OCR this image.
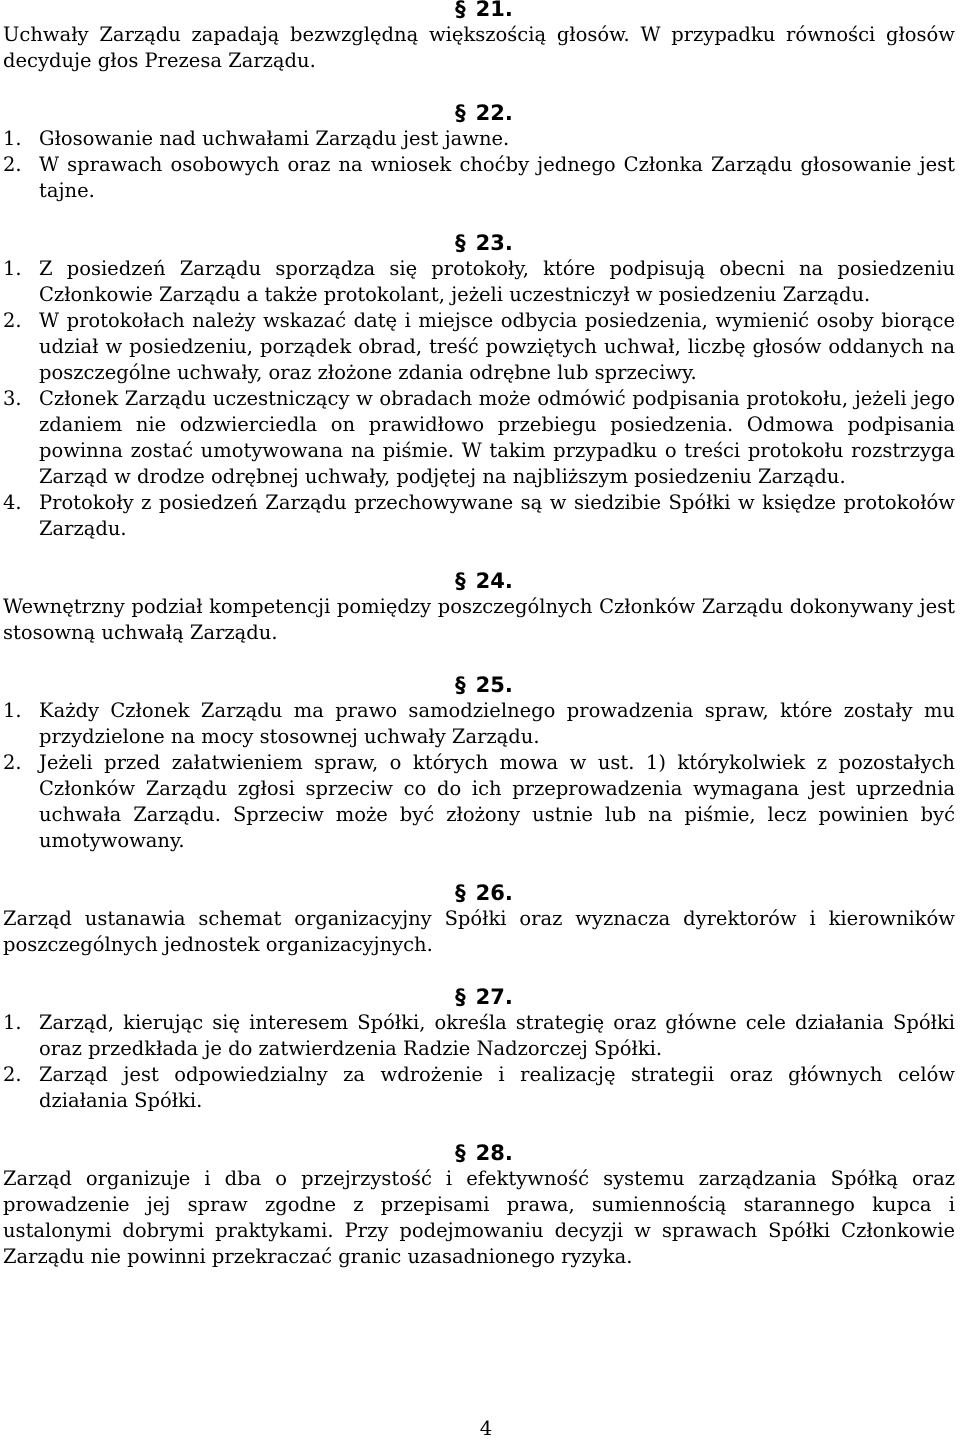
§ 21.

Uchwały Zarządu zapadają bezwzględną większością głosów. W przypadku równości głosów decyduje głos Prezesa Zarządu.

§ 22.
1. Głosowanie nad uchwałami Zarządu jest jawne.
2. W sprawach osobowych oraz na wniosek choćby jednego Członka Zarządu głosowanie jest tajne.
§ 23.
1. Z posiedzeń Zarządu sporządza się protokoły, które podpisują obecni na posiedzeniu Członkowie Zarządu a także protokolant, jeżeli uczestniczył w posiedzeniu Zarządu.
2. W protokołach należy wskazać datę i miejsce odbycia posiedzenia, wymienić osoby biorące udział w posiedzeniu, porządek obrad, treść powziętych uchwał, liczbę głosów oddanych na poszczególne uchwały, oraz złożone zdania odrębne lub sprzeciwy.
3. Członek Zarządu uczestniczący w obradach może odmówić podpisania protokołu, jeżeli jego zdaniem nie odzwierciedla on prawidłowo przebiegu posiedzenia. Odmowa podpisania powinna zostać umotywowana na piśmie. W takim przypadku o treści protokołu rozstrzyga Zarząd w drodze odrębnej uchwały, podjętej na najbliższym posiedzeniu Zarządu.
4. Protokoły z posiedzeń Zarządu przechowywane są w siedzibie Spółki w księdze protokołów Zarządu.
§ 24.

Wewnętrzny podział kompetencji pomiędzy poszczególnych Członków Zarządu dokonywany jest stosowną uchwałą Zarządu.

§ 25.
1. Każdy Członek Zarządu ma prawo samodzielnego prowadzenia spraw, które zostały mu przydzielone na mocy stosownej uchwały Zarządu.
2. Jeżeli przed załatwieniem spraw, o których mowa w ust. 1) którykolwiek z pozostałych Członków Zarządu zgłosi sprzeciw co do ich przeprowadzenia wymagana jest uprzednia uchwała Zarządu. Sprzeciw może być złożony ustnie lub na piśmie, lecz powinien być umotywowany.
§ 26.

Zarząd ustanawia schemat organizacyjny Spółki oraz wyznacza dyrektorów i kierowników poszczególnych jednostek organizacyjnych.

§ 27.
1. Zarząd, kierując się interesem Spółki, określa strategię oraz główne cele działania Spółki oraz przedkłada je do zatwierdzenia Radzie Nadzorczej Spółki.
2. Zarząd jest odpowiedzialny za wdrożenie i realizację strategii oraz głównych celów działania Spółki.
§ 28.

Zarząd organizuje i dba o przejrzystość i efektywność systemu zarządzania Spółką oraz prowadzenie jej spraw zgodne z przepisami prawa, sumiennością starannego kupca i ustalonymi dobrymi praktykami. Przy podejmowaniu decyzji w sprawach Spółki Członkowie Zarządu nie powinni przekraczać granic uzasadnionego ryzyka.

4
